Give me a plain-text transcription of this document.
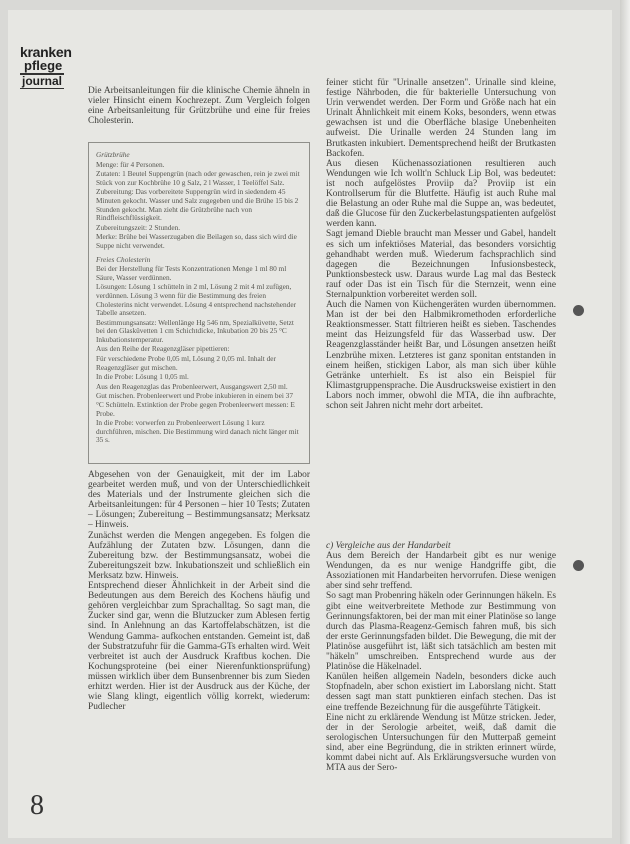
kranken
pflege
journal

Die Arbeitsanleitungen für die klinische Chemie ähneln in vieler Hinsicht einem Kochrezept. Zum Vergleich folgen eine Arbeitsanleitung für Grützbrühe und eine für freies Cholesterin.

Grützbrühe

Menge: für 4 Personen.

Zutaten: 1 Beutel Suppengrün (nach oder gewaschen, rein je zwei mit Stück von zur Kochbrühe 10 g Salz, 2 l Wasser, 1 Teelöffel Salz.

Zubereitung: Das vorbereitete Suppengrün wird in siedendem 45 Minuten gekocht. Wasser und Salz zugegeben und die Brühe 15 bis 2 Stunden gekocht. Man zieht die Grützbrühe nach von Rindfleischflüssigkeit.

Zubereitungszeit: 2 Stunden.

Merke: Brühe bei Wasserzugaben die Beilagen so, dass sich wird die Suppe nicht verwendet.

Freies Cholesterin

Bei der Herstellung für Tests Konzentrationen Menge 1 ml 80 ml Säure, Wasser verdünnen.

Lösungen: Lösung 1 schütteln in 2 ml, Lösung 2 mit 4 ml zufügen, verdünnen. Lösung 3 wenn für die Bestimmung des freien Cholesterins nicht verwendet. Lösung 4 entsprechend nachstehender Tabelle ansetzen.

Bestimmungsansatz: Wellenlänge Hg 546 nm, Spezialküvette, Setzt bei den Glasküvetten 1 cm Schichtdicke, Inkubation 20 bis 25 °C Inkubationstemperatur.

Aus den Reihe der Reagenzgläser pipettieren:

Für verschiedene Probe 0,05 ml, Lösung 2 0,05 ml. Inhalt der Reagenzgläser gut mischen.

In die Probe: Lösung 1 0,05 ml.

Aus den Reagenzglas das Probenleerwert, Ausgangswert 2,50 ml.

Gut mischen. Probenleerwert und Probe inkubieren in einem bei 37 °C Schütteln. Extinktion der Probe gegen Probenleerwert messen: E Probe.

In die Probe: vorwerfen zu Probenleerwert Lösung 1 kurz durchführen, mischen. Die Bestimmung wird danach nicht länger mit 35 s.

Abgesehen von der Genauigkeit, mit der im Labor gearbeitet werden muß, und von der Unterschiedlichkeit des Materials und der Instrumente gleichen sich die Arbeitsanleitungen: für 4 Personen – hier 10 Tests; Zutaten – Lösungen; Zubereitung – Bestimmungsansatz; Merksatz – Hinweis.

Zunächst werden die Mengen angegeben. Es folgen die Aufzählung der Zutaten bzw. Lösungen, dann die Zubereitung bzw. der Bestimmungsansatz, wobei die Zubereitungszeit bzw. Inkubationszeit und schließlich ein Merksatz bzw. Hinweis.

Entsprechend dieser Ähnlichkeit in der Arbeit sind die Bedeutungen aus dem Bereich des Kochens häufig und gehören vergleichbar zum Sprachalltag. So sagt man, die Zucker sind gar, wenn die Blutzucker zum Ablesen fertig sind. In Anlehnung an das Kartoffelabschätzen, ist die Wendung Gamma- aufkochen entstanden. Gemeint ist, daß der Substratzufuhr für die Gamma-GTs erhalten wird. Weit verbreitet ist auch der Ausdruck Kraftbus kochen. Die Kochungsproteine (bei einer Nierenfunktionsprüfung) müssen wirklich über dem Bunsenbrenner bis zum Sieden erhitzt werden. Hier ist der Ausdruck aus der Küche, der wie Slang klingt, eigentlich völlig korrekt, wiederum: Pudlecher

feiner sticht für "Urinalle ansetzen". Urinalle sind kleine, festige Nährboden, die für bakterielle Untersuchung von Urin verwendet werden. Der Form und Größe nach hat ein Urinalt Ähnlichkeit mit einem Koks, besonders, wenn etwas gewachsen ist und die Oberfläche blasige Unebenheiten aufweist. Die Urinalle werden 24 Stunden lang im Brutkasten inkubiert. Dementsprechend heißt der Brutkasten Backofen.

Aus diesen Küchenassoziationen resultieren auch Wendungen wie Ich wollt'n Schluck Lip Bol, was bedeutet: ist noch aufgelöstes Proviip da? Proviip ist ein Kontrollserum für die Blutfette. Häufig ist auch Ruhe mal die Belastung an oder Ruhe mal die Suppe an, was bedeutet, daß die Glucose für den Zuckerbelastungspatienten aufgelöst werden kann.

Sagt jemand Dieble braucht man Messer und Gabel, handelt es sich um infektiöses Material, das besonders vorsichtig gehandhabt werden muß. Wiederum fachsprachlich sind dagegen die Bezeichnungen Infusionsbesteck, Punktionsbesteck usw. Daraus wurde Lag mal das Besteck rauf oder Das ist ein Tisch für die Sternzeit, wenn eine Sternalpunktion vorbereitet werden soll.

Auch die Namen von Küchengeräten wurden übernommen. Man ist der bei den Halbmikromethoden erforderliche Reaktionsmesser. Statt filtrieren heißt es sieben. Taschendes meint das Heizungsfeld für das Wasserbad usw. Der Reagenzglasständer heißt Bar, und Lösungen ansetzen heißt Lenzbrühe mixen. Letzteres ist ganz sponitan entstanden in einem heißen, stickigen Labor, als man sich über kühle Getränke unterhielt. Es ist also ein Beispiel für Klimastgruppensprache. Die Ausdrucksweise existiert in den Labors noch immer, obwohl die MTA, die ihn aufbrachte, schon seit Jahren nicht mehr dort arbeitet.

c) Vergleiche aus der Handarbeit

Aus dem Bereich der Handarbeit gibt es nur wenige Wendungen, da es nur wenige Handgriffe gibt, die Assoziationen mit Handarbeiten hervorrufen. Diese wenigen aber sind sehr treffend.

So sagt man Probenring häkeln oder Gerinnungen häkeln. Es gibt eine weitverbreitete Methode zur Bestimmung von Gerinnungsfaktoren, bei der man mit einer Platinöse so lange durch das Plasma-Reagenz-Gemisch fahren muß, bis sich der erste Gerinnungsfaden bildet. Die Bewegung, die mit der Platinöse ausgeführt ist, läßt sich tatsächlich am besten mit "häkeln" umschreiben. Entsprechend wurde aus der Platinöse die Häkelnadel.

Kanülen heißen allgemein Nadeln, besonders dicke auch Stopfnadeln, aber schon existiert im Laborslang nicht. Statt dessen sagt man statt punktieren einfach stechen. Das ist eine treffende Bezeichnung für die ausgeführte Tätigkeit.

Eine nicht zu erklärende Wendung ist Mütze stricken. Jeder, der in der Serologie arbeitet, weiß, daß damit die serologischen Untersuchungen für den Mutterpaß gemeint sind, aber eine Begründung, die in strikten erinnert würde, kommt dabei nicht auf. Als Erklärungsversuche wurden von MTA aus der Sero-

8
